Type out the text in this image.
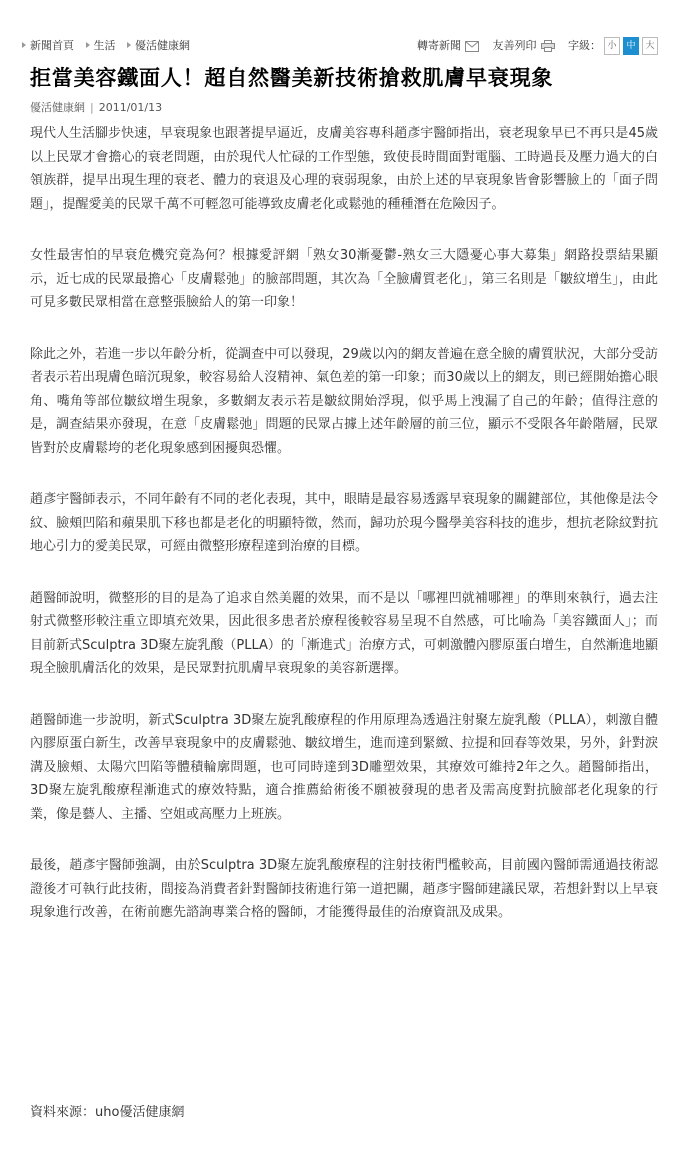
新聞首頁 生活 優活健康網	轉寄新聞	友善列印	字級： 小 中 大
拒當美容鐵面人！超自然醫美新技術搶救肌膚早衰現象
優活健康網 | 2011/01/13

現代人生活腳步快速，早衰現象也跟著提早逼近，皮膚美容專科趙彥宇醫師指出，衰老現象早已不再只是45歲以上民眾才會擔心的衰老問題，由於現代人忙碌的工作型態，致使長時間面對電腦、工時過長及壓力過大的白領族群，提早出現生理的衰老、體力的衰退及心理的衰弱現象，由於上述的早衰現象皆會影響臉上的「面子問題」，提醒愛美的民眾千萬不可輕忽可能導致皮膚老化或鬆弛的種種潛在危險因子。

女性最害怕的早衰危機究竟為何？根據愛評網「熟女30漸憂鬱-熟女三大隱憂心事大募集」網路投票結果顯示，近七成的民眾最擔心「皮膚鬆弛」的臉部問題，其次為「全臉膚質老化」，第三名則是「皺紋增生」，由此可見多數民眾相當在意整張臉給人的第一印象！

除此之外，若進一步以年齡分析，從調查中可以發現，29歲以內的網友普遍在意全臉的膚質狀況，大部分受訪者表示若出現膚色暗沉現象，較容易給人沒精神、氣色差的第一印象；而30歲以上的網友，則已經開始擔心眼角、嘴角等部位皺紋增生現象，多數網友表示若是皺紋開始浮現，似乎馬上洩漏了自己的年齡；值得注意的是，調查結果亦發現，在意「皮膚鬆弛」問題的民眾占據上述年齡層的前三位，顯示不受限各年齡階層，民眾皆對於皮膚鬆垮的老化現象感到困擾與恐懼。

趙彥宇醫師表示，不同年齡有不同的老化表現，其中，眼睛是最容易透露早衰現象的關鍵部位，其他像是法令紋、臉頰凹陷和蘋果肌下移也都是老化的明顯特徵，然而，歸功於現今醫學美容科技的進步，想抗老除紋對抗地心引力的愛美民眾，可經由微整形療程達到治療的目標。

趙醫師說明，微整形的目的是為了追求自然美麗的效果，而不是以「哪裡凹就補哪裡」的準則來執行，過去注射式微整形較注重立即填充效果，因此很多患者於療程後較容易呈現不自然感，可比喻為「美容鐵面人」；而目前新式Sculptra 3D聚左旋乳酸（PLLA）的「漸進式」治療方式，可刺激體內膠原蛋白增生，自然漸進地顯現全臉肌膚活化的效果，是民眾對抗肌膚早衰現象的美容新選擇。

趙醫師進一步說明，新式Sculptra 3D聚左旋乳酸療程的作用原理為透過注射聚左旋乳酸（PLLA），刺激自體內膠原蛋白新生，改善早衰現象中的皮膚鬆弛、皺紋增生，進而達到緊緻、拉提和回春等效果，另外，針對淚溝及臉頰、太陽穴凹陷等體積輪廓問題，也可同時達到3D雕塑效果，其療效可維持2年之久。趙醫師指出，3D聚左旋乳酸療程漸進式的療效特點，適合推薦給術後不願被發現的患者及需高度對抗臉部老化現象的行業，像是藝人、主播、空姐或高壓力上班族。

最後，趙彥宇醫師強調，由於Sculptra 3D聚左旋乳酸療程的注射技術門檻較高，目前國內醫師需通過技術認證後才可執行此技術，間接為消費者針對醫師技術進行第一道把關，趙彥宇醫師建議民眾，若想針對以上早衰現象進行改善，在術前應先諮詢專業合格的醫師，才能獲得最佳的治療資訊及成果。

資料來源：uho優活健康網
